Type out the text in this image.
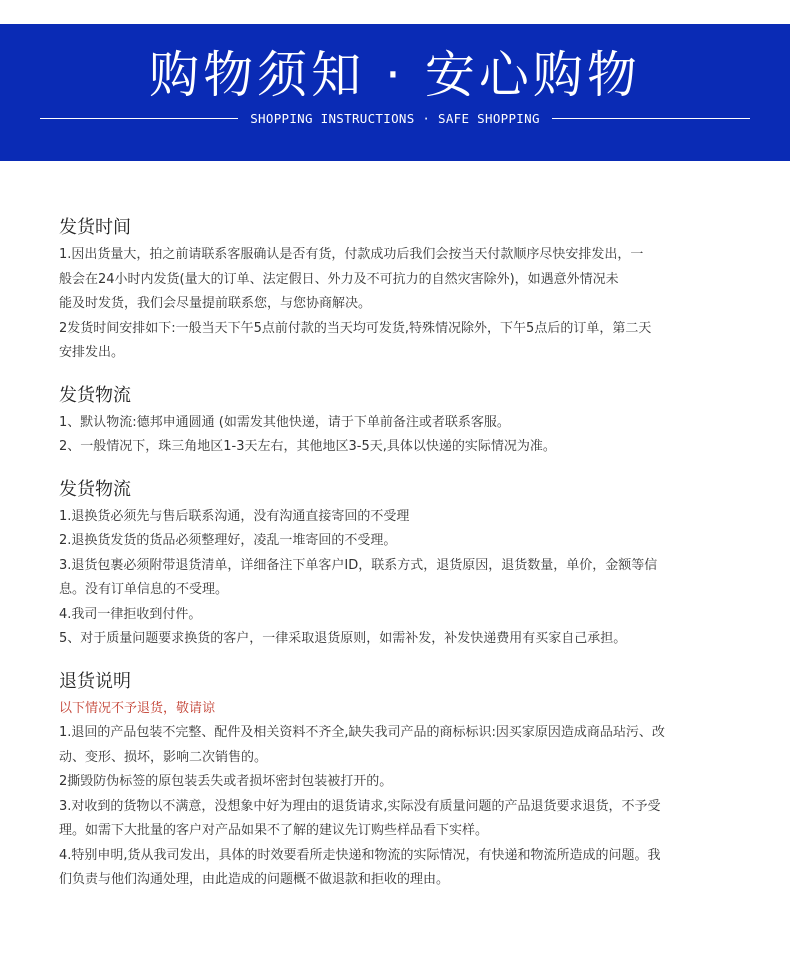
购物须知 · 安心购物
SHOPPING INSTRUCTIONS · SAFE SHOPPING
发货时间

1.因出货量大，拍之前请联系客服确认是否有货，付款成功后我们会按当天付款顺序尽快安排发出，一

般会在24小时内发货(量大的订单、法定假日、外力及不可抗力的自然灾害除外)，如遇意外情况未

能及时发货，我们会尽量提前联系您，与您协商解决。

2发货时间安排如下:一般当天下午5点前付款的当天均可发货,特殊情况除外，下午5点后的订单，第二天

安排发出。

发货物流

1、默认物流:德邦申通圆通 (如需发其他快递，请于下单前备注或者联系客服。

2、一般情况下，珠三角地区1-3天左右，其他地区3-5天,具体以快递的实际情况为准。

发货物流

1.退换货必须先与售后联系沟通，没有沟通直接寄回的不受理

2.退换货发货的货品必须整理好，凌乱一堆寄回的不受理。

3.退货包裹必须附带退货清单，详细备注下单客户ID，联系方式，退货原因，退货数量，单价，金额等信

息。没有订单信息的不受理。

4.我司一律拒收到付件。

5、对于质量问题要求换货的客户，一律采取退货原则，如需补发，补发快递费用有买家自己承担。

退货说明

以下情况不予退货，敬请谅

1.退回的产品包装不完整、配件及相关资料不齐全,缺失我司产品的商标标识:因买家原因造成商品玷污、改

动、变形、损坏，影响二次销售的。

2撕毁防伪标签的原包装丢失或者损坏密封包装被打开的。

3.对收到的货物以不满意，没想象中好为理由的退货请求,实际没有质量问题的产品退货要求退货，不予受

理。如需下大批量的客户对产品如果不了解的建议先订购些样品看下实样。

4.特别申明,货从我司发出，具体的时效要看所走快递和物流的实际情况，有快递和物流所造成的问题。我

们负责与他们沟通处理，由此造成的问题概不做退款和拒收的理由。
